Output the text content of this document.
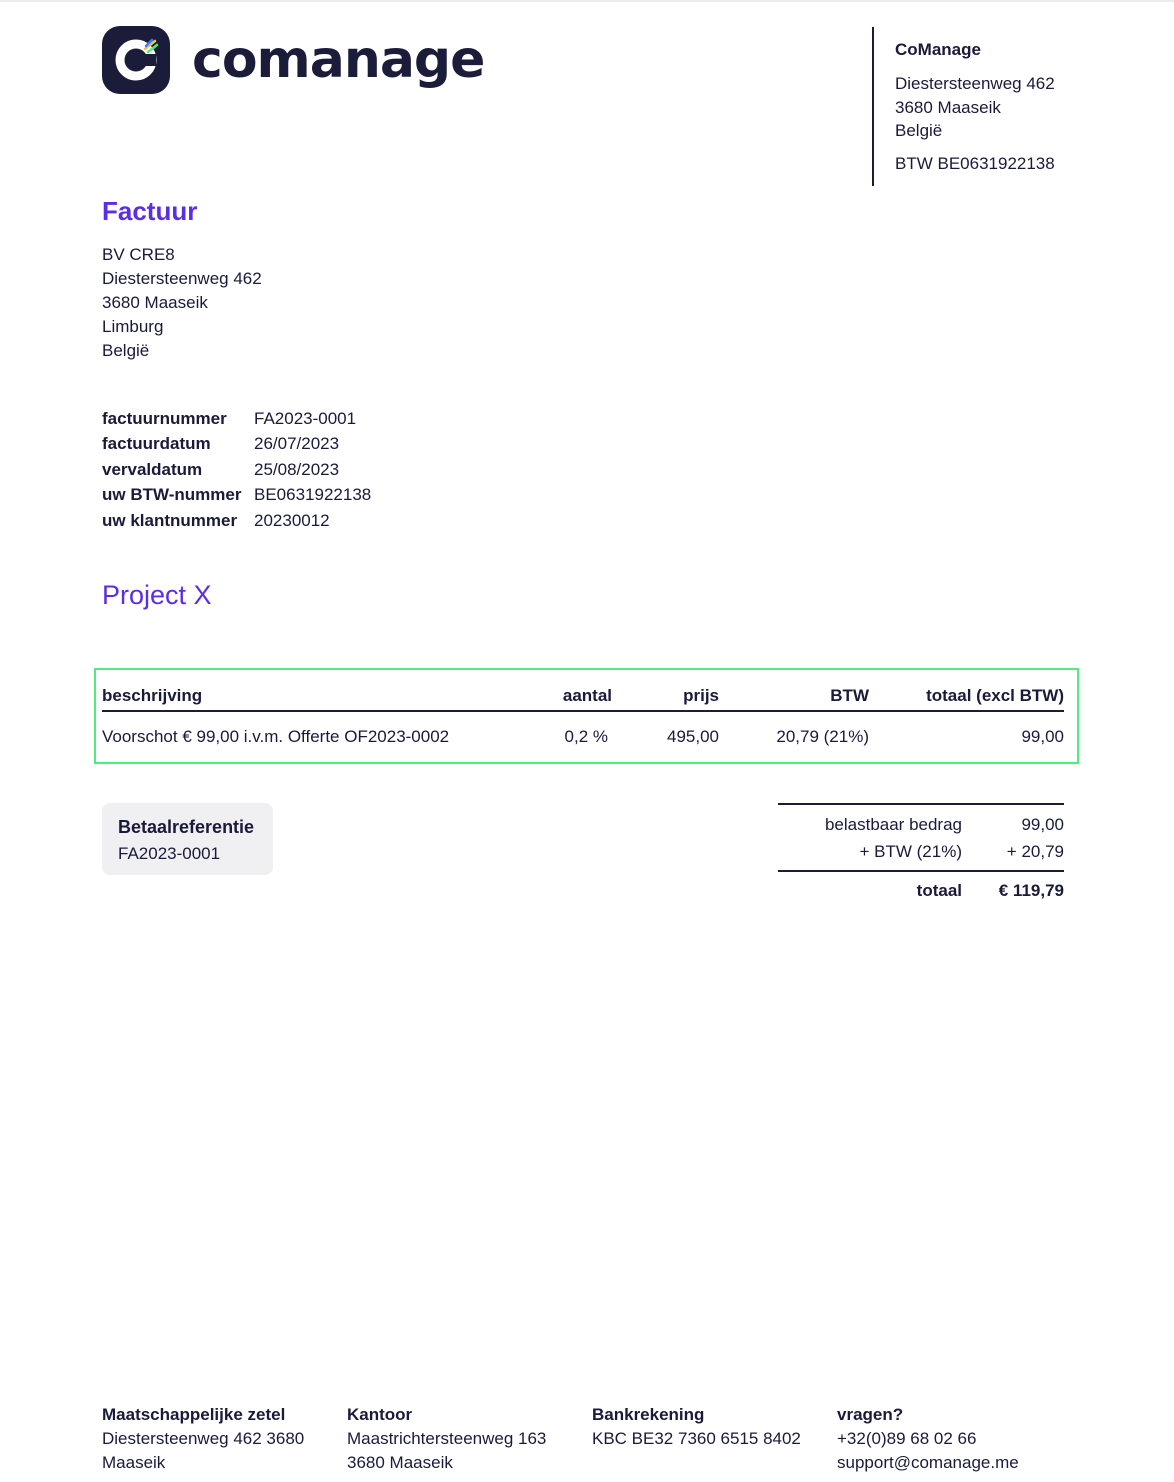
comanage	CoManage
Diestersteenweg 462
3680 Maaseik
België
BTW BE0631922138
Factuur
BV CRE8
Diestersteenweg 462
3680 Maaseik
Limburg
België
factuurnummer	FA2023-0001
factuurdatum	26/07/2023
vervaldatum	25/08/2023
uw BTW-nummer BE0631922138
uw klantnummer 20230012
Project X
beschrijving	aantal	prijs	BTW	totaal (excl BTW)
Voorschot € 99,00 i.v.m. Offerte OF2023-0002	0,2 %	495,00	20,79 (21%)	99,00
Betaalreferentie
FA2023-0001
belastbaar bedrag	99,00
+ BTW (21%)	+ 20,79
totaal	€ 119,79
Maatschappelijke zetel
Diestersteenweg 462 3680
Maaseik
Kantoor
Maastrichtersteenweg 163
3680 Maaseik
Bankrekening
KBC BE32 7360 6515 8402
vragen?
+32(0)89 68 02 66
support@comanage.me
